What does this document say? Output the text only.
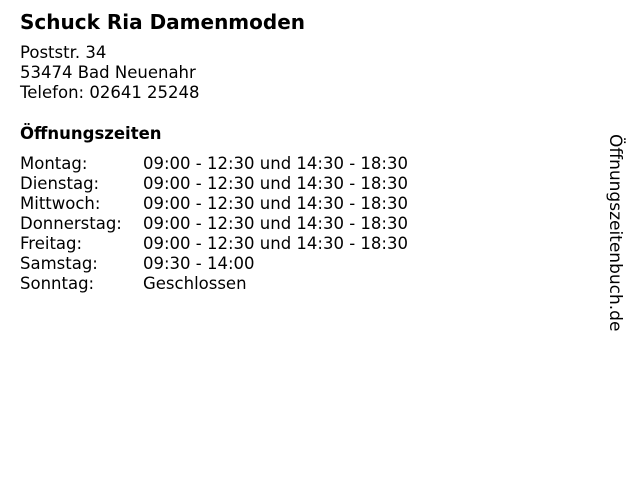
Schuck Ria Damenmoden
Poststr. 34
53474 Bad Neuenahr
Telefon: 02641 25248
Öffnungszeiten
Montag:	09:00 - 12:30 und 14:30 - 18:30
Dienstag:	09:00 - 12:30 und 14:30 - 18:30
Mittwoch:	09:00 - 12:30 und 14:30 - 18:30
Donnerstag:	09:00 - 12:30 und 14:30 - 18:30
Freitag:	09:00 - 12:30 und 14:30 - 18:30
Samstag:	09:30 - 14:00
Sonntag:	Geschlossen	Öffnungszeitenbuch.de
